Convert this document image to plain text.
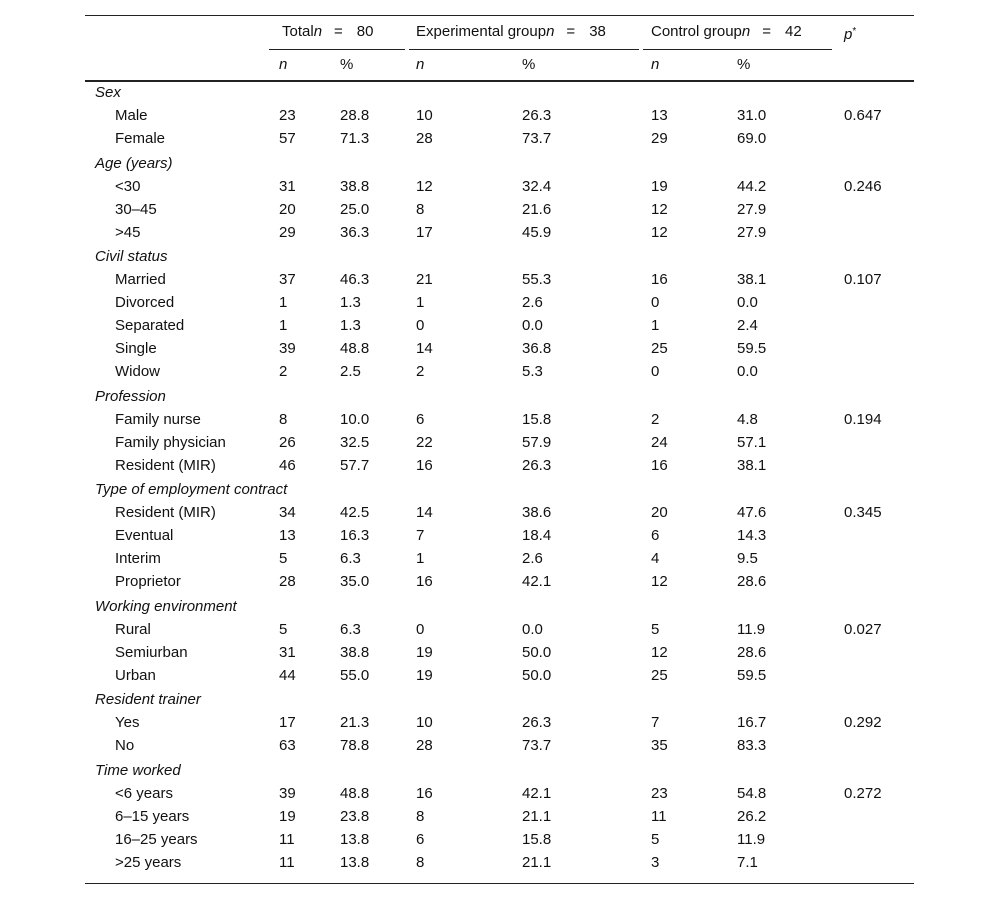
Totaln = 80	Experimental groupn = 38	Control groupn = 42	p*
n	%	n	%	n	%
Sex
Male	23	28.8	10	26.3	13	31.0	0.647
Female	57	71.3	28	73.7	29	69.0
Age (years)
<30	31	38.8	12	32.4	19	44.2	0.246
30–45	20	25.0	8	21.6	12	27.9
>45	29	36.3	17	45.9	12	27.9
Civil status
Married	37	46.3	21	55.3	16	38.1	0.107
Divorced	1	1.3	1	2.6	0	0.0
Separated	1	1.3	0	0.0	1	2.4
Single	39	48.8	14	36.8	25	59.5
Widow	2	2.5	2	5.3	0	0.0
Profession
Family nurse	8	10.0	6	15.8	2	4.8	0.194
Family physician	26	32.5	22	57.9	24	57.1
Resident (MIR)	46	57.7	16	26.3	16	38.1
Type of employment contract
Resident (MIR)	34	42.5	14	38.6	20	47.6	0.345
Eventual	13	16.3	7	18.4	6	14.3
Interim	5	6.3	1	2.6	4	9.5
Proprietor	28	35.0	16	42.1	12	28.6
Working environment
Rural	5	6.3	0	0.0	5	11.9	0.027
Semiurban	31	38.8	19	50.0	12	28.6
Urban	44	55.0	19	50.0	25	59.5
Resident trainer
Yes	17	21.3	10	26.3	7	16.7	0.292
No	63	78.8	28	73.7	35	83.3
Time worked
<6 years	39	48.8	16	42.1	23	54.8	0.272
6–15 years	19	23.8	8	21.1	11	26.2
16–25 years	11	13.8	6	15.8	5	11.9
>25 years	11	13.8	8	21.1	3	7.1
